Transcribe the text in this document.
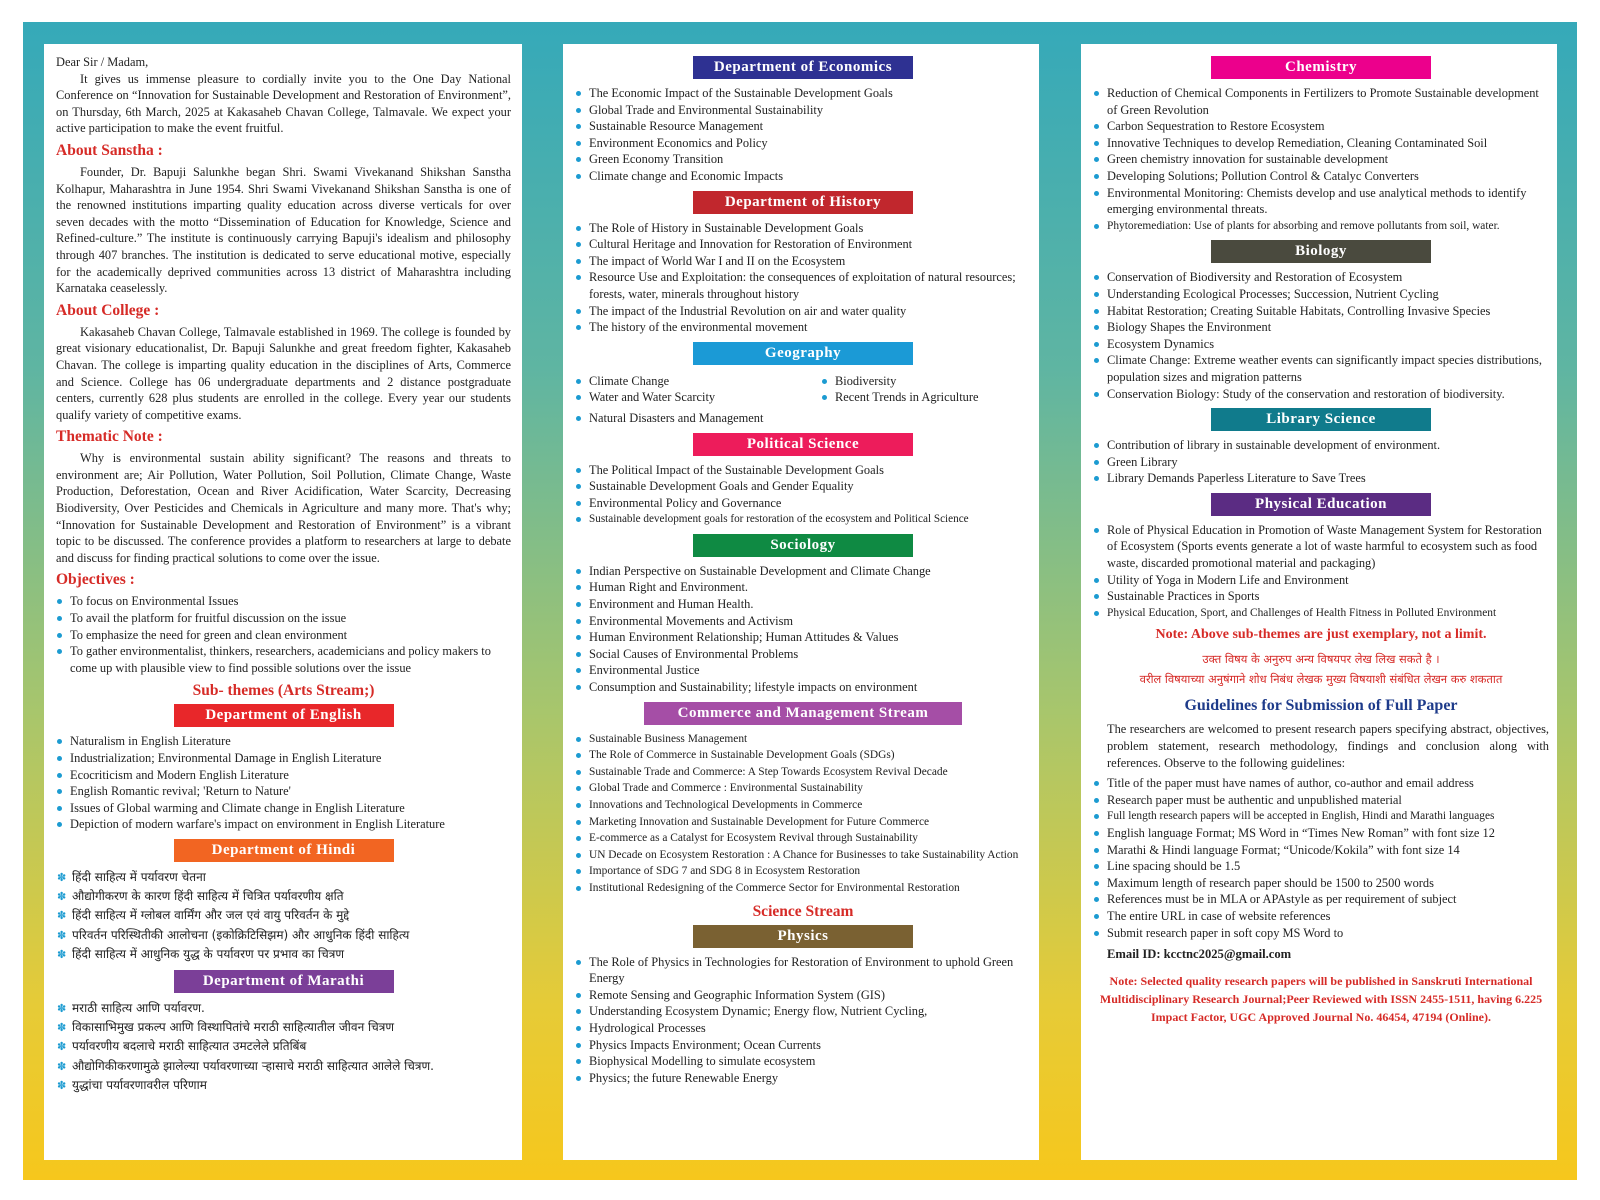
Dear Sir / Madam,

It gives us immense pleasure to cordially invite you to the One Day National Conference on “Innovation for Sustainable Development and Restoration of Environment”, on Thursday, 6th March, 2025 at Kakasaheb Chavan College, Talmavale. We expect your active participation to make the event fruitful.

About Sanstha :

Founder, Dr. Bapuji Salunkhe began Shri. Swami Vivekanand Shikshan Sanstha Kolhapur, Maharashtra in June 1954. Shri Swami Vivekanand Shikshan Sanstha is one of the renowned institutions imparting quality education across diverse verticals for over seven decades with the motto “Dissemination of Education for Knowledge, Science and Refined-culture.” The institute is continuously carrying Bapuji's idealism and philosophy through 407 branches. The institution is dedicated to serve educational motive, especially for the academically deprived communities across 13 district of Maharashtra including Karnataka ceaselessly.

About College :

Kakasaheb Chavan College, Talmavale established in 1969. The college is founded by great visionary educationalist, Dr. Bapuji Salunkhe and great freedom fighter, Kakasaheb Chavan. The college is imparting quality education in the disciplines of Arts, Commerce and Science. College has 06 undergraduate departments and 2 distance postgraduate centers, currently 628 plus students are enrolled in the college. Every year our students qualify variety of competitive exams.

Thematic Note :

Why is environmental sustain ability significant? The reasons and threats to environment are; Air Pollution, Water Pollution, Soil Pollution, Climate Change, Waste Production, Deforestation, Ocean and River Acidification, Water Scarcity, Decreasing Biodiversity, Over Pesticides and Chemicals in Agriculture and many more. That's why; “Innovation for Sustainable Development and Restoration of Environment” is a vibrant topic to be discussed. The conference provides a platform to researchers at large to debate and discuss for finding practical solutions to come over the issue.

Objectives :
To focus on Environmental Issues
To avail the platform for fruitful discussion on the issue
To emphasize the need for green and clean environment
To gather environmentalist, thinkers, researchers, academicians and policy makers to come up with plausible view to find possible solutions over the issue
Sub- themes (Arts Stream;)
Department of English
Naturalism in English Literature
Industrialization; Environmental Damage in English Literature
Ecocriticism and Modern English Literature
English Romantic revival; 'Return to Nature'
Issues of Global warming and Climate change in English Literature
Depiction of modern warfare's impact on environment in English Literature
Department of Hindi
✽ हिंदी साहित्य में पर्यावरण चेतना
✽ औद्योगीकरण के कारण हिंदी साहित्य में चित्रित पर्यावरणीय क्षति
✽ हिंदी साहित्य में ग्लोबल वार्मिंग और जल एवं वायु परिवर्तन के मुद्दे
✽ परिवर्तन परिस्थितीकी आलोचना (इकोक्रिटिसिझम) और आधुनिक हिंदी साहित्य
✽ हिंदी साहित्य में आधुनिक युद्ध के पर्यावरण पर प्रभाव का चित्रण
Department of Marathi
✽ मराठी साहित्य आणि पर्यावरण.
✽ विकासाभिमुख प्रकल्प आणि विस्थापितांचे मराठी साहित्यातील जीवन चित्रण
✽ पर्यावरणीय बदलाचे मराठी साहित्यात उमटलेले प्रतिबिंब
✽ औद्योगिकीकरणामुळे झालेल्या पर्यावरणाच्या ऱ्हासाचे मराठी साहित्यात आलेले चित्रण.
✽ युद्धांचा पर्यावरणावरील परिणाम
Department of Economics
The Economic Impact of the Sustainable Development Goals
Global Trade and Environmental Sustainability
Sustainable Resource Management
Environment Economics and Policy
Green Economy Transition
Climate change and Economic Impacts
Department of History
The Role of History in Sustainable Development Goals
Cultural Heritage and Innovation for Restoration of Environment
The impact of World War I and II on the Ecosystem
Resource Use and Exploitation: the consequences of exploitation of natural resources; forests, water, minerals throughout history
The impact of the Industrial Revolution on air and water quality
The history of the environmental movement
Geography
Climate Change
Water and Water Scarcity
Biodiversity
Recent Trends in Agriculture
Natural Disasters and Management
Political Science
The Political Impact of the Sustainable Development Goals
Sustainable Development Goals and Gender Equality
Environmental Policy and Governance
Sustainable development goals for restoration of the ecosystem and Political Science
Sociology
Indian Perspective on Sustainable Development and Climate Change
Human Right and Environment.
Environment and Human Health.
Environmental Movements and Activism
Human Environment Relationship; Human Attitudes & Values
Social Causes of Environmental Problems
Environmental Justice
Consumption and Sustainability; lifestyle impacts on environment
Commerce and Management Stream
Sustainable Business Management
The Role of Commerce in Sustainable Development Goals (SDGs)
Sustainable Trade and Commerce: A Step Towards Ecosystem Revival Decade
Global Trade and Commerce : Environmental Sustainability
Innovations and Technological Developments in Commerce
Marketing Innovation and Sustainable Development for Future Commerce
E-commerce as a Catalyst for Ecosystem Revival through Sustainability
UN Decade on Ecosystem Restoration : A Chance for Businesses to take Sustainability Action
Importance of SDG 7 and SDG 8 in Ecosystem Restoration
Institutional Redesigning of the Commerce Sector for Environmental Restoration
Science Stream
Physics
The Role of Physics in Technologies for Restoration of Environment to uphold Green Energy
Remote Sensing and Geographic Information System (GIS)
Understanding Ecosystem Dynamic; Energy flow, Nutrient Cycling,
Hydrological Processes
Physics Impacts Environment; Ocean Currents
Biophysical Modelling to simulate ecosystem
Physics; the future Renewable Energy
Chemistry
Reduction of Chemical Components in Fertilizers to Promote Sustainable development of Green Revolution
Carbon Sequestration to Restore Ecosystem
Innovative Techniques to develop Remediation, Cleaning Contaminated Soil
Green chemistry innovation for sustainable development
Developing Solutions; Pollution Control & Catalyc Converters
Environmental Monitoring: Chemists develop and use analytical methods to identify emerging environmental threats.
Phytoremediation: Use of plants for absorbing and remove pollutants from soil, water.
Biology
Conservation of Biodiversity and Restoration of Ecosystem
Understanding Ecological Processes; Succession, Nutrient Cycling
Habitat Restoration; Creating Suitable Habitats, Controlling Invasive Species
Biology Shapes the Environment
Ecosystem Dynamics
Climate Change: Extreme weather events can significantly impact species distributions, population sizes and migration patterns
Conservation Biology: Study of the conservation and restoration of biodiversity.
Library Science
Contribution of library in sustainable development of environment.
Green Library
Library Demands Paperless Literature to Save Trees
Physical Education
Role of Physical Education in Promotion of Waste Management System for Restoration of Ecosystem (Sports events generate a lot of waste harmful to ecosystem such as food waste, discarded promotional material and packaging)
Utility of Yoga in Modern Life and Environment
Sustainable Practices in Sports
Physical Education, Sport, and Challenges of Health Fitness in Polluted Environment
Note: Above sub-themes are just exemplary, not a limit.
उक्त विषय के अनुरुप अन्य विषयपर लेख लिख सकते है ।
वरील विषयाच्या अनुषंगाने शोध निबंध लेखक मुख्य विषयाशी संबंधित लेखन करु शकतात
Guidelines for Submission of Full Paper

The researchers are welcomed to present research papers specifying abstract, objectives, problem statement, research methodology, findings and conclusion along with references. Observe to the following guidelines:

Title of the paper must have names of author, co-author and email address
Research paper must be authentic and unpublished material
Full length research papers will be accepted in English, Hindi and Marathi languages
English language Format; MS Word in “Times New Roman” with font size 12
Marathi & Hindi language Format; “Unicode/Kokila” with font size 14
Line spacing should be 1.5
Maximum length of research paper should be 1500 to 2500 words
References must be in MLA or APAstyle as per requirement of subject
The entire URL in case of website references
Submit research paper in soft copy MS Word to
Email ID: kcctnc2025@gmail.com
Note: Selected quality research papers will be published in Sanskruti International Multidisciplinary Research Journal;Peer Reviewed with ISSN 2455-1511, having 6.225 Impact Factor, UGC Approved Journal No. 46454, 47194 (Online).
